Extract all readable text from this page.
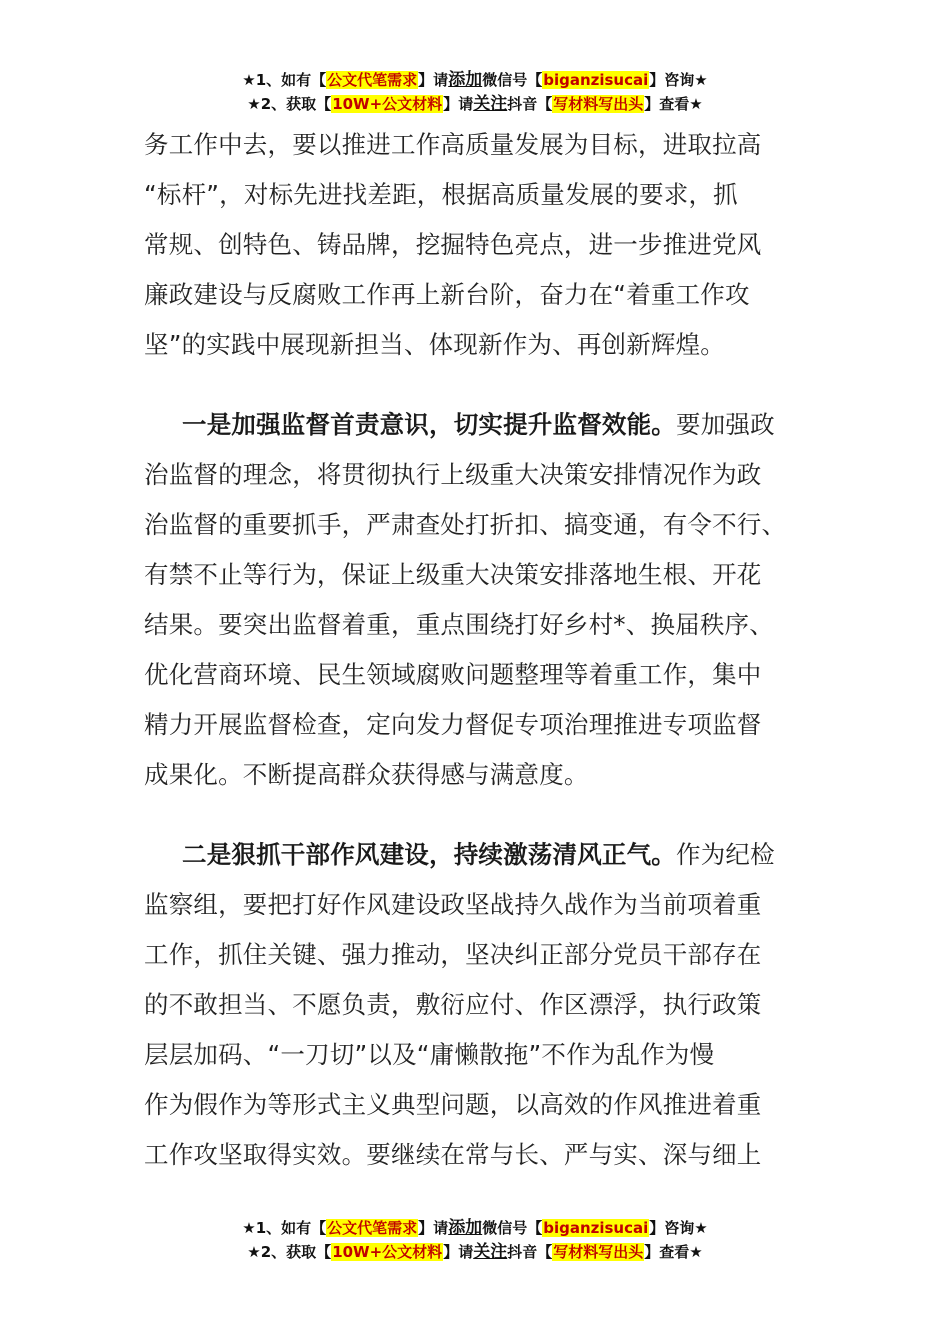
★1、如有【公文代笔需求】请添加微信号【biganzisucai】咨询★
★2、获取【10W+公文材料】请关注抖音【写材料写出头】查看★

务工作中去，要以推进工作高质量发展为目标，进取拉高
“标杆”，对标先进找差距，根据高质量发展的要求，抓
常规、创特色、铸品牌，挖掘特色亮点，进一步推进党风
廉政建设与反腐败工作再上新台阶，奋力在“着重工作攻
坚”的实践中展现新担当、体现新作为、再创新辉煌。

一是加强监督首责意识，切实提升监督效能。要加强政
治监督的理念，将贯彻执行上级重大决策安排情况作为政
治监督的重要抓手，严肃查处打折扣、搞变通，有令不行、
有禁不止等行为，保证上级重大决策安排落地生根、开花
结果。要突出监督着重，重点围绕打好乡村*、换届秩序、
优化营商环境、民生领域腐败问题整理等着重工作，集中
精力开展监督检查，定向发力督促专项治理推进专项监督
成果化。不断提高群众获得感与满意度。

二是狠抓干部作风建设，持续激荡清风正气。作为纪检
监察组，要把打好作风建设政坚战持久战作为当前项着重
工作，抓住关键、强力推动，坚决纠正部分党员干部存在
的不敢担当、不愿负责，敷衍应付、作区漂浮，执行政策
层层加码、“一刀切”以及“庸懒散拖”不作为乱作为慢
作为假作为等形式主义典型问题，以高效的作风推进着重
工作攻坚取得实效。要继续在常与长、严与实、深与细上

★1、如有【公文代笔需求】请添加微信号【biganzisucai】咨询★
★2、获取【10W+公文材料】请关注抖音【写材料写出头】查看★
